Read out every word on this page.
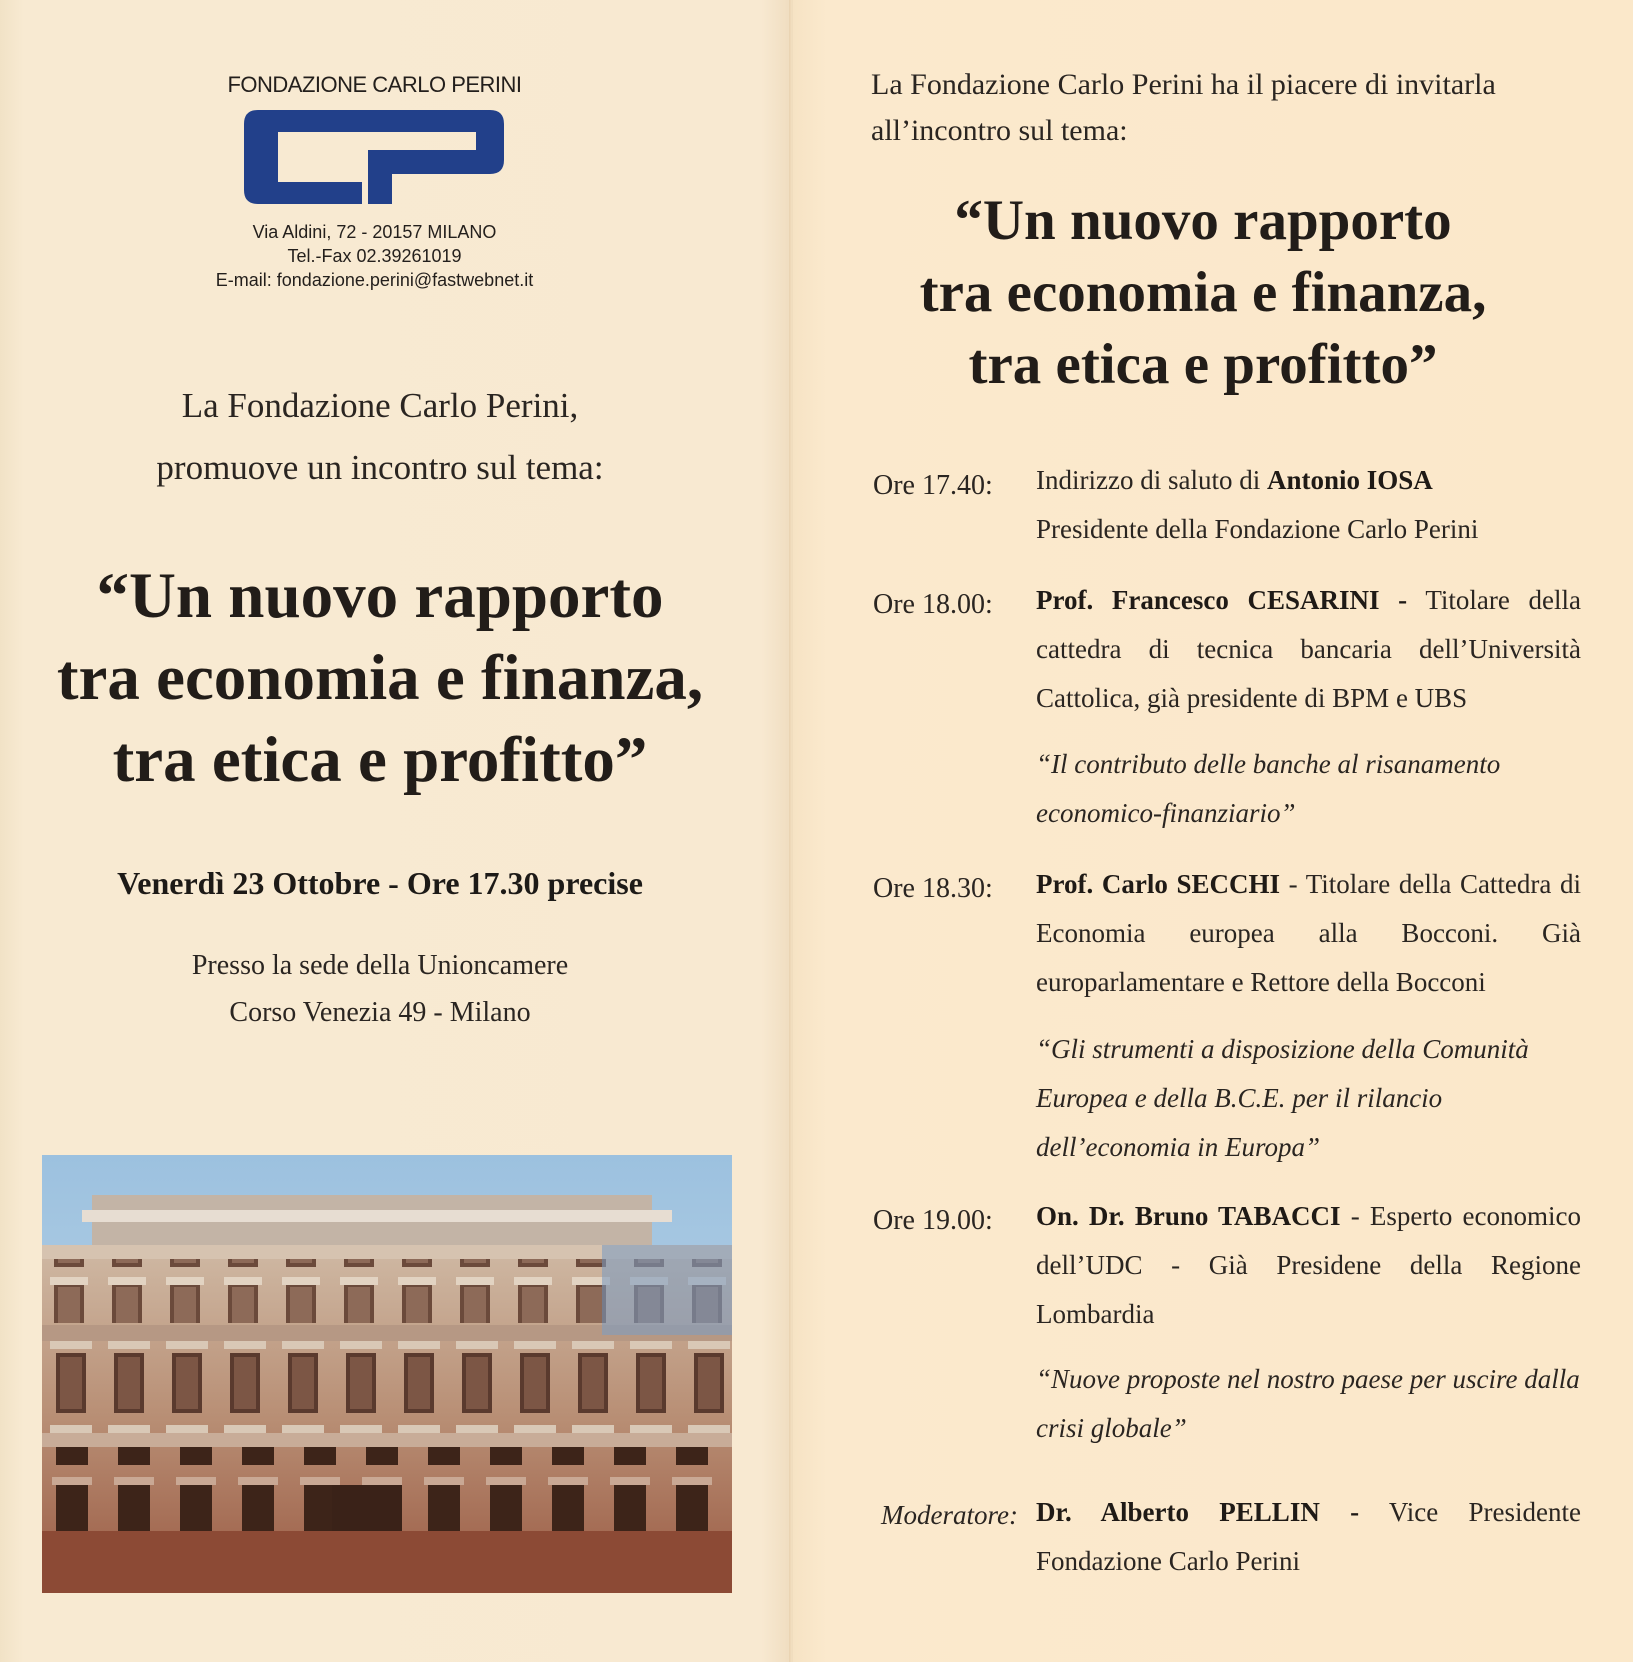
FONDAZIONE CARLO PERINI
Via Aldini, 72 - 20157 MILANO
Tel.-Fax 02.39261019
E-mail: fondazione.perini@fastwebnet.it
La Fondazione Carlo Perini,
promuove un incontro sul tema:
“Un nuovo rapporto
tra economia e finanza,
tra etica e profitto”
Venerdì 23 Ottobre - Ore 17.30 precise
Presso la sede della Unioncamere
Corso Venezia 49 - Milano
La Fondazione Carlo Perini ha il piacere di invitarla
all’incontro sul tema:
“Un nuovo rapporto
tra economia e finanza,
tra etica e profitto”
Ore 17.40: Indirizzo di saluto di Antonio IOSA
Presidente della Fondazione Carlo Perini
Ore 18.00: Prof. Francesco CESARINI - Titolare della cattedra di tecnica bancaria dell’Università Cattolica, già presidente di BPM e UBS
“Il contributo delle banche al risanamento economico-finanziario”
Ore 18.30: Prof. Carlo SECCHI - Titolare della Cattedra di Economia europea alla Bocconi. Già europarlamentare e Rettore della Bocconi
“Gli strumenti a disposizione della Comunità Europea e della B.C.E. per il rilancio dell’economia in Europa”
Ore 19.00: On. Dr. Bruno TABACCI - Esperto economico dell’UDC - Già Presidene della Regione Lombardia
“Nuove proposte nel nostro paese per uscire dalla crisi globale”
Moderatore: Dr. Alberto PELLIN - Vice Presidente Fondazione Carlo Perini
